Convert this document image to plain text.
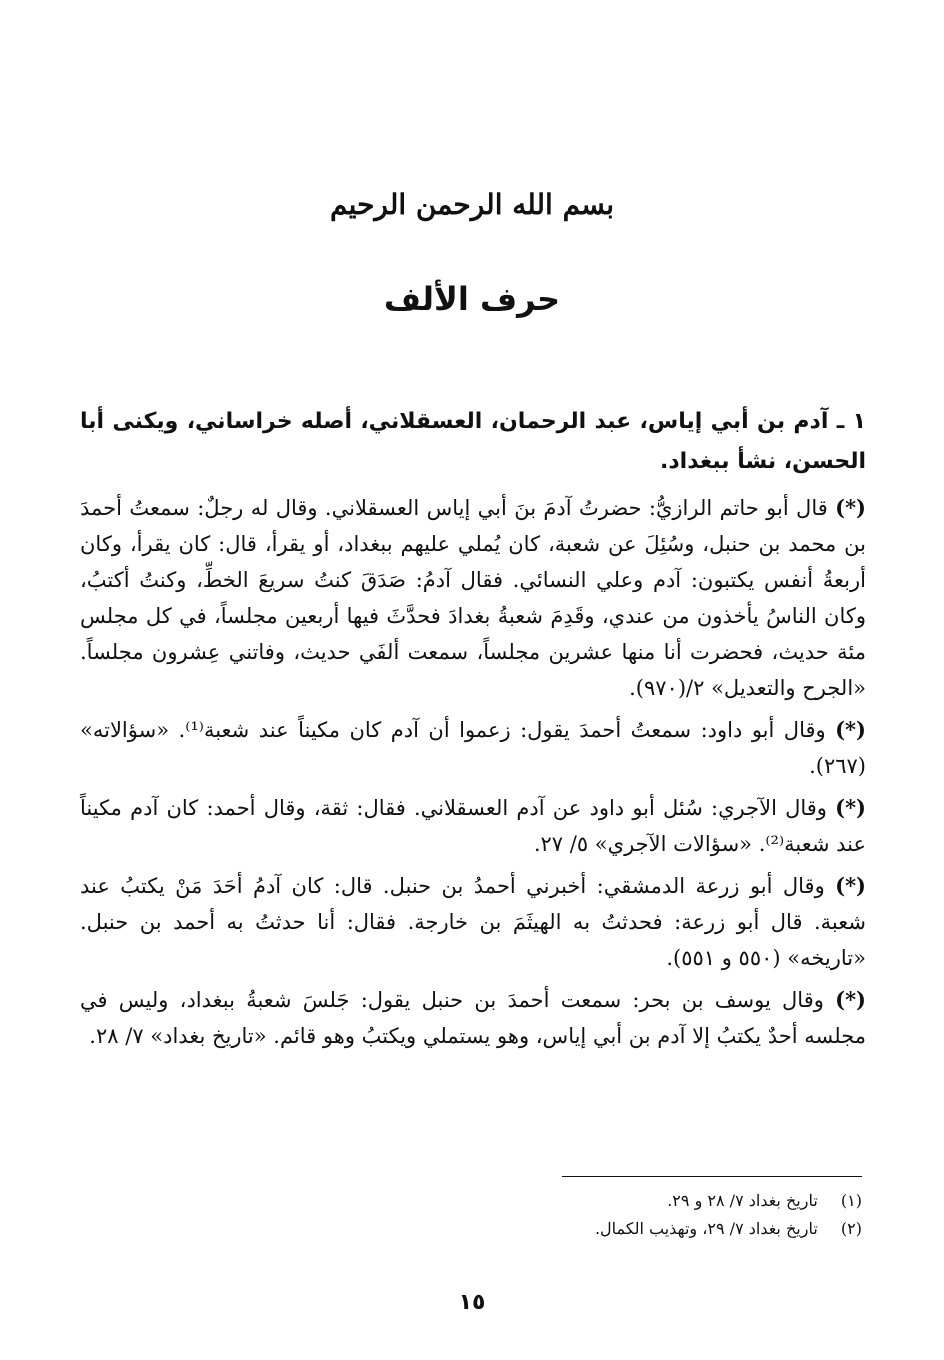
بسم الله الرحمن الرحيم
حرف الألف
١ ـ آدم بن أبي إياس، عبد الرحمان، العسقلاني، أصله خراساني، ويكنى أبا الحسن، نشأ ببغداد.
(*) قال أبو حاتم الرازيُّ: حضرتُ آدمَ بنَ أبي إياس العسقلاني. وقال له رجلٌ: سمعتُ أحمدَ بن محمد بن حنبل، وسُئِلَ عن شعبة، كان يُملي عليهم ببغداد، أو يقرأ، قال: كان يقرأ، وكان أربعةُ أنفس يكتبون: آدم وعلي النسائي. فقال آدمُ: صَدَقَ كنتُ سريعَ الخطِّ، وكنتُ أكتبُ، وكان الناسُ يأخذون من عندي، وقَدِمَ شعبةُ بغدادَ فحدَّثَ فيها أربعين مجلساً، في كل مجلس مئة حديث، فحضرت أنا منها عشرين مجلساً، سمعت ألفَي حديث، وفاتني عِشرون مجلساً. «الجرح والتعديل» ٢/(٩٧٠).
(*) وقال أبو داود: سمعتُ أحمدَ يقول: زعموا أن آدم كان مكيناً عند شعبة⁽¹⁾. «سؤالاته» (٢٦٧).
(*) وقال الآجري: سُئل أبو داود عن آدم العسقلاني. فقال: ثقة، وقال أحمد: كان آدم مكيناً عند شعبة⁽²⁾. «سؤالات الآجري» ٥/ ٢٧.
(*) وقال أبو زرعة الدمشقي: أخبرني أحمدُ بن حنبل. قال: كان آدمُ أحَدَ مَنْ يكتبُ عند شعبة. قال أبو زرعة: فحدثتُ به الهيثَمَ بن خارجة. فقال: أنا حدثتُ به أحمد بن حنبل. «تاريخه» (٥٥٠ و ٥٥١).
(*) وقال يوسف بن بحر: سمعت أحمدَ بن حنبل يقول: جَلسَ شعبةُ ببغداد، وليس في مجلسه أحدٌ يكتبُ إلا آدم بن أبي إياس، وهو يستملي ويكتبُ وهو قائم. «تاريخ بغداد» ٧/ ٢٨.
(١) تاريخ بغداد ٧/ ٢٨ و ٢٩.
(٢) تاريخ بغداد ٧/ ٢٩، وتهذيب الكمال.
١٥
